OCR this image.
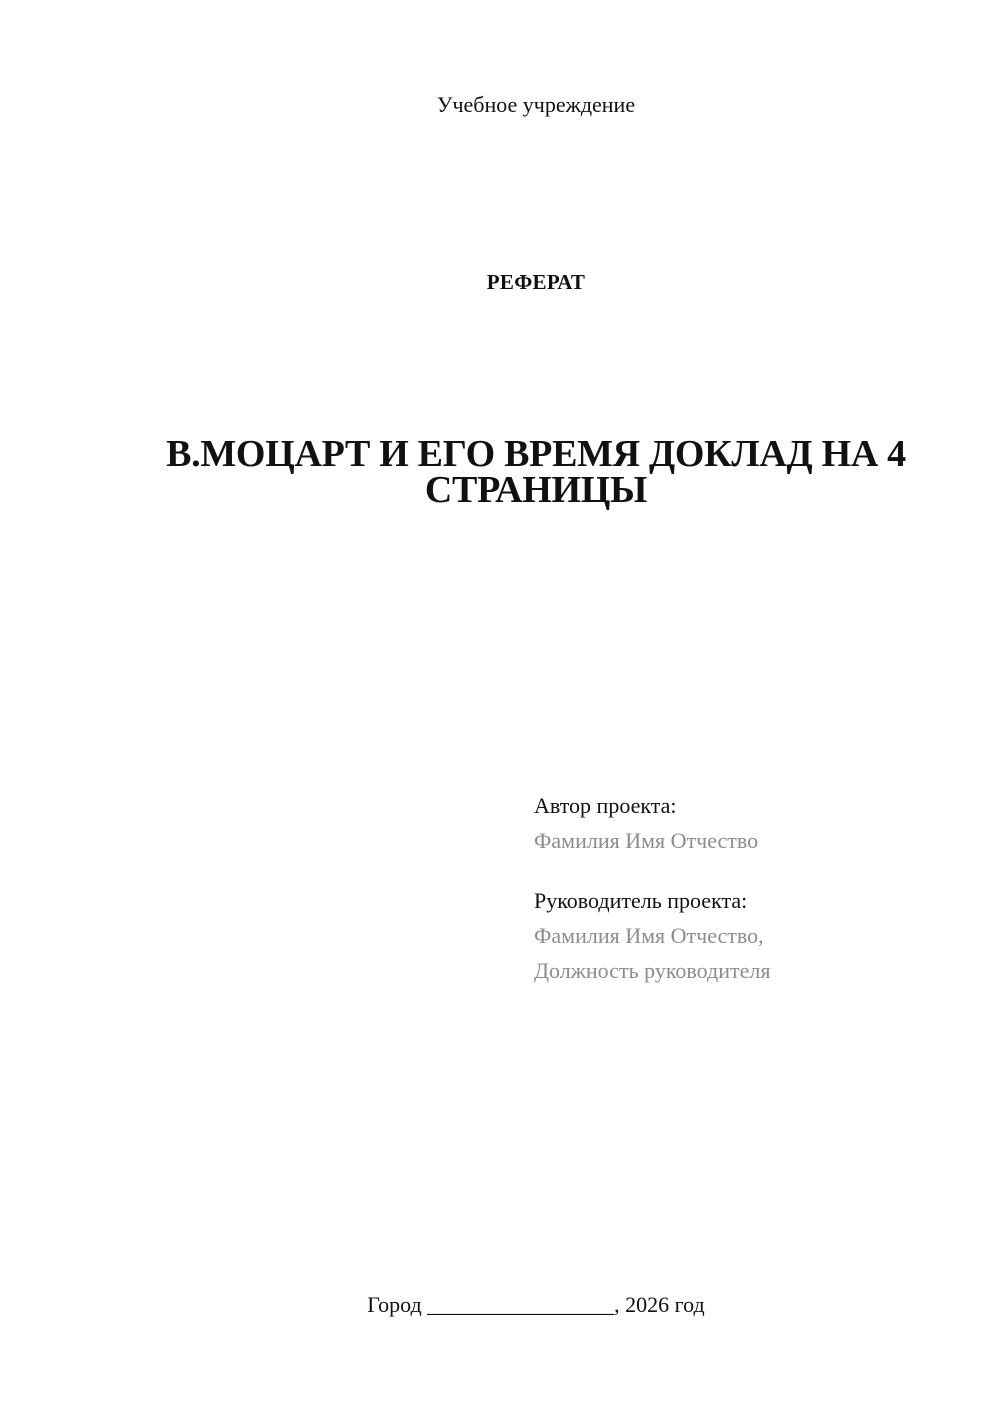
Учебное учреждение
РЕФЕРАТ
В.МОЦАРТ И ЕГО ВРЕМЯ ДОКЛАД НА 4
СТРАНИЦЫ
Автор проекта:
Фамилия Имя Отчество
Руководитель проекта:
Фамилия Имя Отчество,
Должность руководителя
Город _________________, 2026 год
